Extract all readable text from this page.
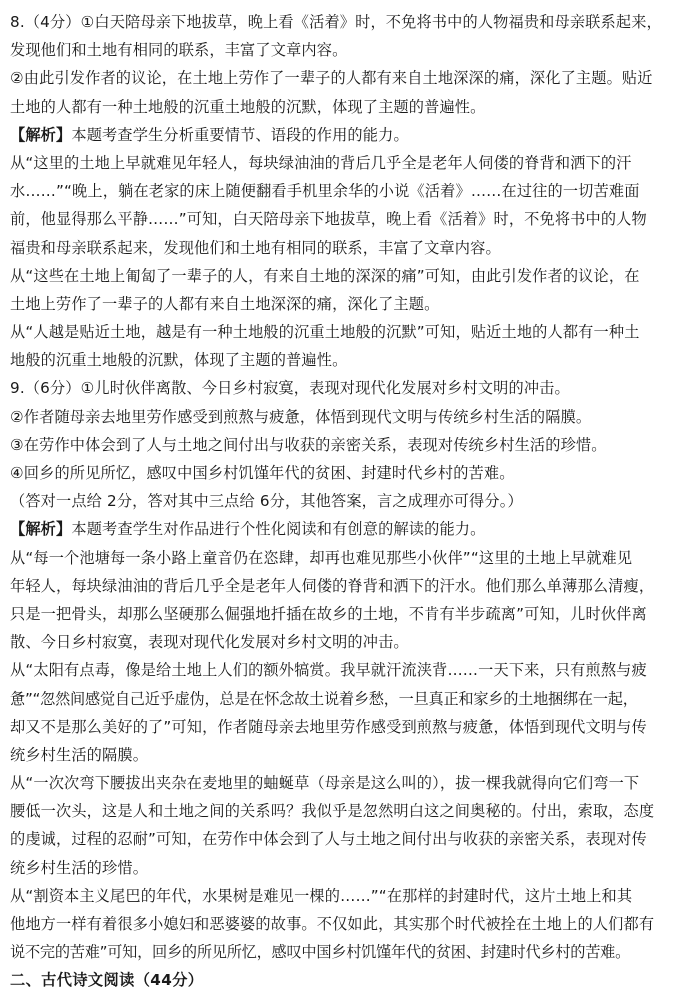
8.（4分）①白天陪母亲下地拔草，晚上看《活着》时，不免将书中的人物福贵和母亲联系起来，
发现他们和土地有相同的联系，丰富了文章内容。
②由此引发作者的议论，在土地上劳作了一辈子的人都有来自土地深深的痛，深化了主题。贴近
土地的人都有一种土地般的沉重土地般的沉默，体现了主题的普遍性。
【解析】本题考查学生分析重要情节、语段的作用的能力。
从“这里的土地上早就难见年轻人，每块绿油油的背后几乎全是老年人伺偻的脊背和洒下的汗
水……”“晚上，躺在老家的床上随便翻看手机里余华的小说《活着》……在过往的一切苦难面
前，他显得那么平静……”可知，白天陪母亲下地拔草，晚上看《活着》时，不免将书中的人物
福贵和母亲联系起来，发现他们和土地有相同的联系，丰富了文章内容。
从“这些在土地上匍匐了一辈子的人，有来自土地的深深的痛”可知，由此引发作者的议论，在
土地上劳作了一辈子的人都有来自土地深深的痛，深化了主题。
从“人越是贴近土地，越是有一种土地般的沉重土地般的沉默”可知，贴近土地的人都有一种土
地般的沉重土地般的沉默，体现了主题的普遍性。
9.（6分）①儿时伙伴离散、今日乡村寂寞，表现对现代化发展对乡村文明的冲击。
②作者随母亲去地里劳作感受到煎熬与疲惫，体悟到现代文明与传统乡村生活的隔膜。
③在劳作中体会到了人与土地之间付出与收获的亲密关系，表现对传统乡村生活的珍惜。
④回乡的所见所忆，感叹中国乡村饥馑年代的贫困、封建时代乡村的苦难。
（答对一点给 2分，答对其中三点给 6分，其他答案，言之成理亦可得分。）
【解析】本题考查学生对作品进行个性化阅读和有创意的解读的能力。
从“每一个池塘每一条小路上童音仍在恣肆，却再也难见那些小伙伴”“这里的土地上早就难见
年轻人，每块绿油油的背后几乎全是老年人伺偻的脊背和洒下的汗水。他们那么单薄那么清瘦，
只是一把骨头，却那么坚硬那么倔强地扦插在故乡的土地，不肯有半步疏离”可知，儿时伙伴离
散、今日乡村寂寞，表现对现代化发展对乡村文明的冲击。
从“太阳有点毒，像是给土地上人们的额外犒赏。我早就汗流浃背……一天下来，只有煎熬与疲
惫”“忽然间感觉自己近乎虚伪，总是在怀念故土说着乡愁，一旦真正和家乡的土地捆绑在一起，
却又不是那么美好的了”可知，作者随母亲去地里劳作感受到煎熬与疲惫，体悟到现代文明与传
统乡村生活的隔膜。
从“一次次弯下腰拔出夹杂在麦地里的蚰蜒草（母亲是这么叫的），拔一棵我就得向它们弯一下
腰低一次头，这是人和土地之间的关系吗？我似乎是忽然明白这之间奥秘的。付出，索取，态度
的虔诚，过程的忍耐”可知，在劳作中体会到了人与土地之间付出与收获的亲密关系，表现对传
统乡村生活的珍惜。
从“割资本主义尾巴的年代，水果树是难见一棵的……”“在那样的封建时代，这片土地上和其
他地方一样有着很多小媳妇和恶婆婆的故事。不仅如此，其实那个时代被拴在土地上的人们都有
说不完的苦难”可知，回乡的所见所忆，感叹中国乡村饥馑年代的贫困、封建时代乡村的苦难。
二、古代诗文阅读（44分）
